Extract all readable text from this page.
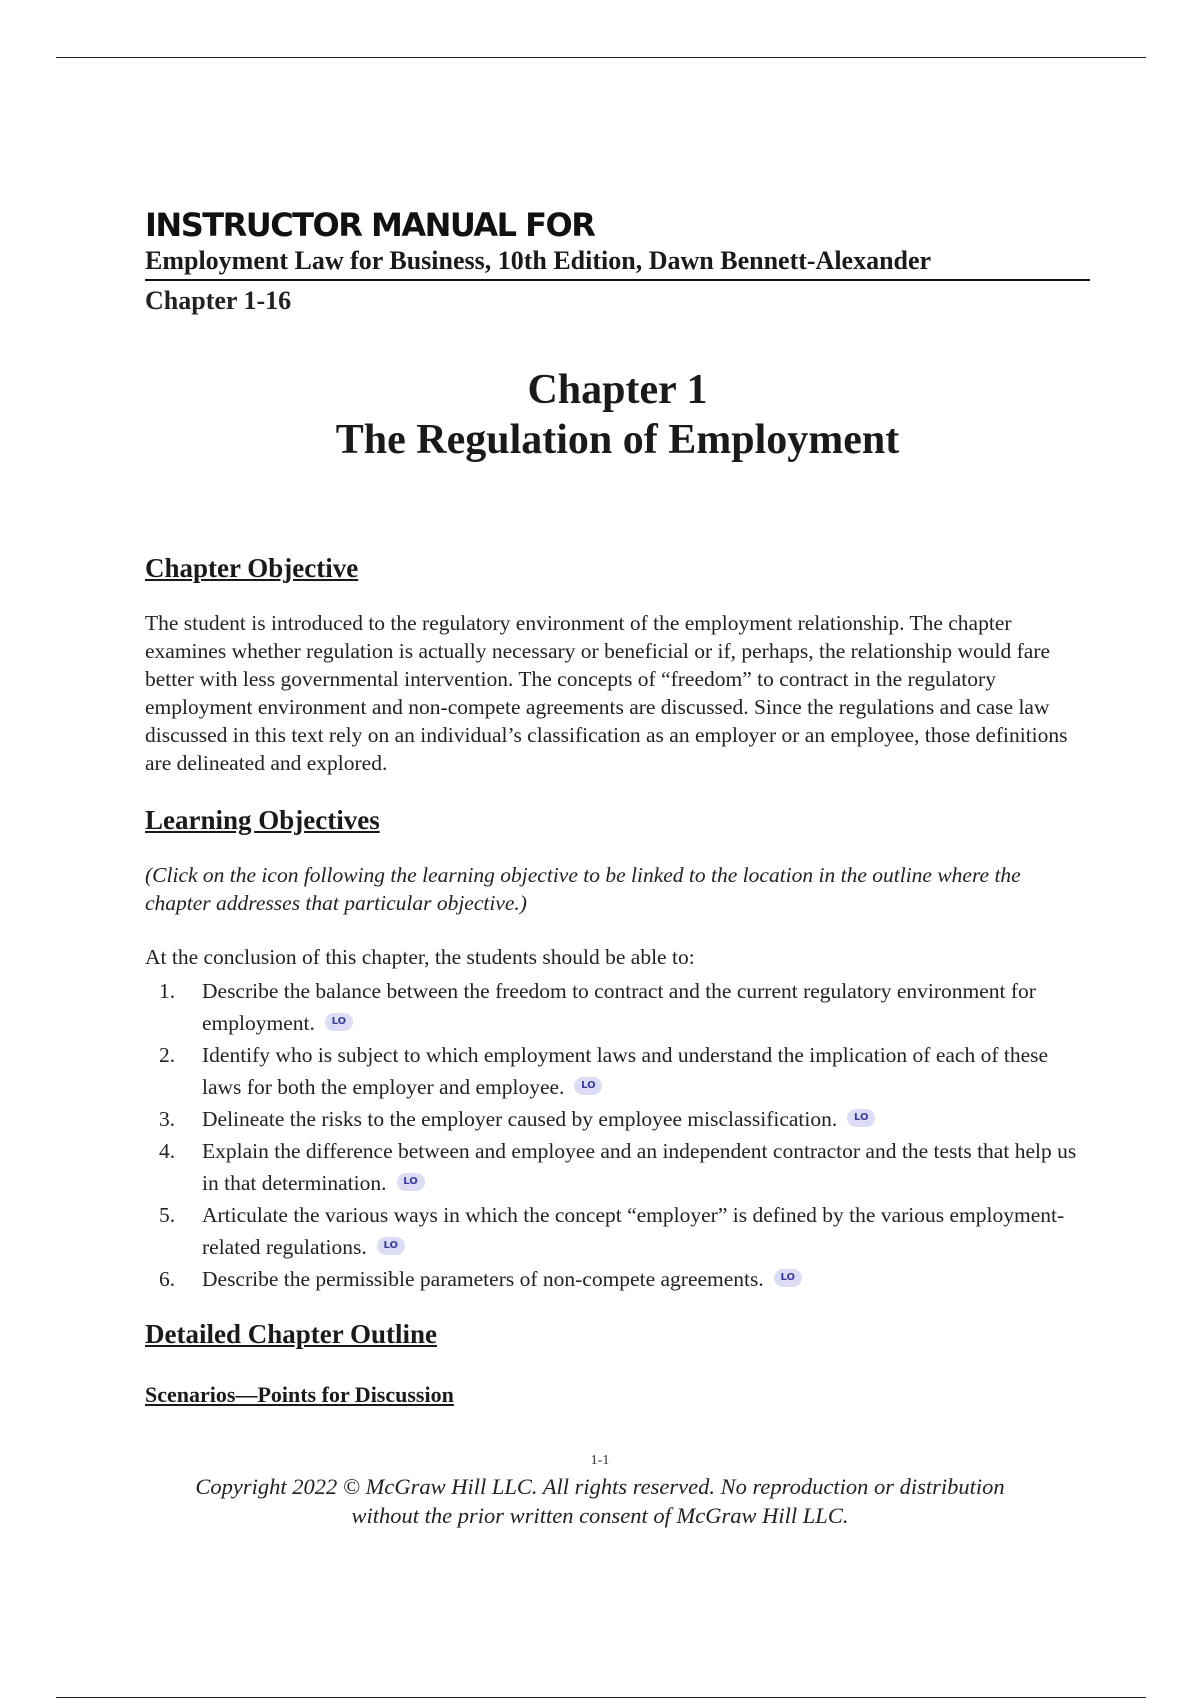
INSTRUCTOR MANUAL FOR
Employment Law for Business, 10th Edition, Dawn Bennett-Alexander
Chapter 1-16
Chapter 1
The Regulation of Employment
Chapter Objective

The student is introduced to the regulatory environment of the employment relationship. The chapter examines whether regulation is actually necessary or beneficial or if, perhaps, the relationship would fare better with less governmental intervention. The concepts of “freedom” to contract in the regulatory employment environment and non-compete agreements are discussed. Since the regulations and case law discussed in this text rely on an individual’s classification as an employer or an employee, those definitions are delineated and explored.

Learning Objectives

(Click on the icon following the learning objective to be linked to the location in the outline where the chapter addresses that particular objective.)

At the conclusion of this chapter, the students should be able to:

1. Describe the balance between the freedom to contract and the current regulatory environment for employment. LO
2. Identify who is subject to which employment laws and understand the implication of each of these laws for both the employer and employee. LO
3. Delineate the risks to the employer caused by employee misclassification. LO
4. Explain the difference between and employee and an independent contractor and the tests that help us in that determination. LO
5. Articulate the various ways in which the concept “employer” is defined by the various employment-related regulations. LO
6. Describe the permissible parameters of non-compete agreements. LO
Detailed Chapter Outline
Scenarios—Points for Discussion
1-1
Copyright 2022 © McGraw Hill LLC. All rights reserved. No reproduction or distribution without the prior written consent of McGraw Hill LLC.
